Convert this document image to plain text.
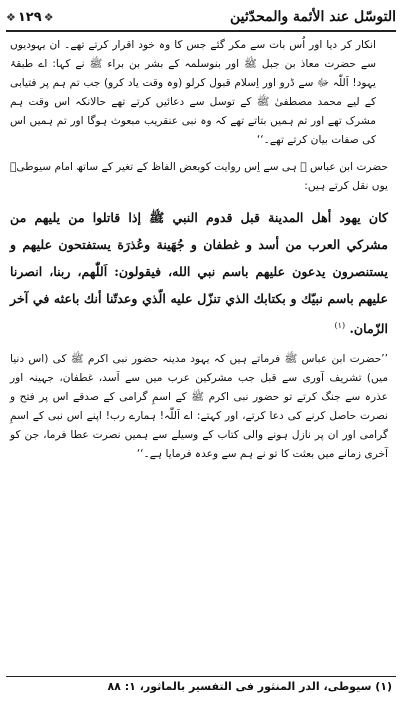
التوسّل عند الأئمة والمحدّثين
❖
١٢٩
❖

انکار کر دیا اور اُس بات سے مکر گئے جس کا وہ خود اقرار کرتے تھے۔ ان یہودیوں سے حضرت معاذ بن جبل ﷺ اور بنوسلمہ کے بشر بن براء ﷺ نے کہا: اے طبقۂ یہود! اَللّٰہ ﷻ سے ڈرو اور اِسلام قبول کرلو (وہ وقت یاد کرو) جب تم ہم پر فتیابی کے لیے محمد مصطفیٰ ﷺ کے توسل سے دعائیں کرتے تھے حالانکہ اس وقت ہم مشرک تھے اور تم ہمیں بتاتے تھے کہ وہ نبی عنقریب مبعوث ہوگا اور تم ہمیں اس کی صفات بیان کرتے تھے۔‘‘

حضرت ابن عباس ﷺ ہی سے اِس روایت کوبعض الفاظ کے تغیر کے ساتھ امام سیوطیؒ یوں نقل کرتے ہیں:

كان يهود أهل المدينة قبل قدوم النبي ﷺ إذا قاتلوا من يليهم من مشركي العرب من أسد و غطفان و جُهَينة وعُذرَة يستفتحون عليهم و يستنصرون يدعون عليهم باسم نبي الله، فيقولون: اَللّٰهم، ربنا، انصرنا عليهم باسم نبيّك و بكتابك الذي تنزّل عليه الّذي وعدتّنا أنك باعثه في آخر الزّمان. $^{(١)}$

’’حضرت ابن عباس ﷺ فرماتے ہیں کہ یہود مدینہ حضور نبی اکرم ﷺ کی (اس دنیا میں) تشریف آوری سے قبل جب مشرکین عرب میں سے اَسد، غطفان، جہینہ اور عذرہ سے جنگ کرتے تو حضور نبی اکرم ﷺ کے اسمِ گرامی کے صدقے اس پر فتح و نصرت حاصل کرنے کی دعا کرتے، اور کہتے: اے اَللّٰہ! ہمارے رب! اپنے اس نبی کے اسمِ گرامی اور ان پر نازل ہونے والی کتاب کے وسیلے سے ہمیں نصرت عطا فرما، جن کو آخری زمانے میں بعثت کا تو نے ہم سے وعدہ فرمایا ہے۔‘‘

(١) سیوطی، الدر المنثور فی التفسیر بالماثور، ١: ٨٨
